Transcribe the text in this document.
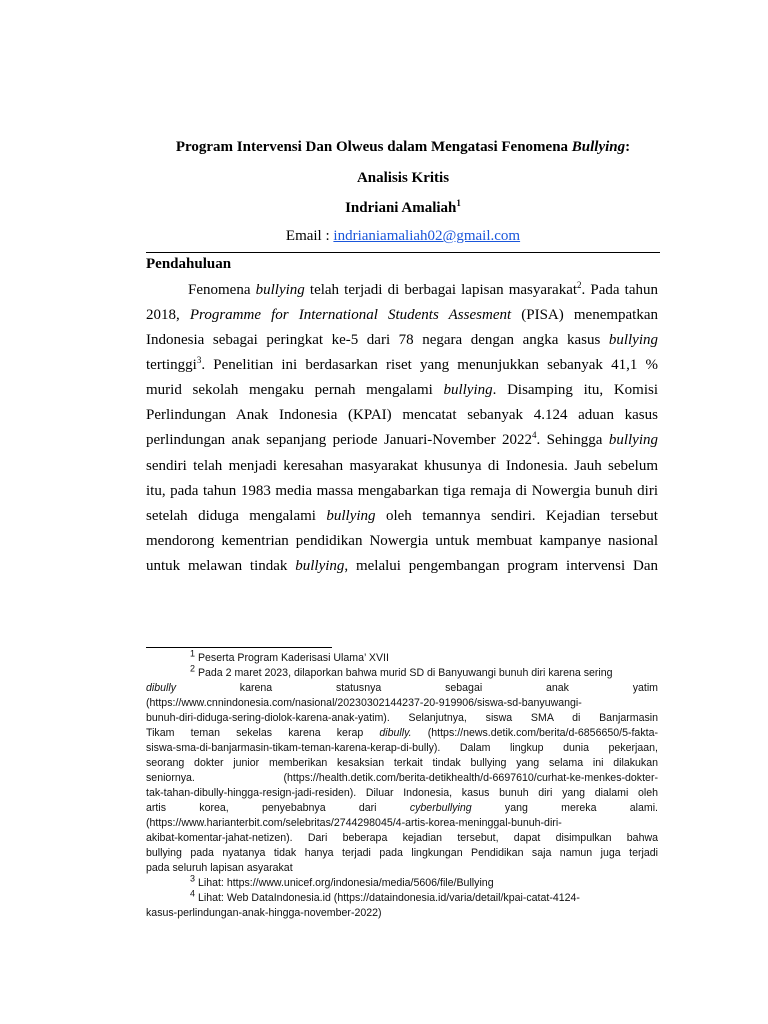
Program Intervensi Dan Olweus dalam Mengatasi Fenomena Bullying:
Analisis Kritis
Indriani Amaliah$^1$
Email : indrianiamaliah02@gmail.com
Pendahuluan
Fenomena bullying telah terjadi di berbagai lapisan masyarakat$^2$. Pada tahun
2018, Programme for International Students Assesment (PISA) menempatkan
Indonesia sebagai peringkat ke-5 dari 78 negara dengan angka kasus bullying
tertinggi$^3$. Penelitian ini berdasarkan riset yang menunjukkan sebanyak 41,1 %
murid sekolah mengaku pernah mengalami bullying. Disamping itu, Komisi
Perlindungan Anak Indonesia (KPAI) mencatat sebanyak 4.124 aduan kasus
perlindungan anak sepanjang periode Januari-November 2022$^4$. Sehingga bullying
sendiri telah menjadi keresahan masyarakat khusunya di Indonesia. Jauh sebelum
itu, pada tahun 1983 media massa mengabarkan tiga remaja di Nowergia bunuh diri
setelah diduga mengalami bullying oleh temannya sendiri. Kejadian tersebut
mendorong kementrian pendidikan Nowergia untuk membuat kampanye nasional
untuk melawan tindak bullying, melalui pengembangan program intervensi Dan
$^1$ Peserta Program Kaderisasi Ulama’ XVII
$^2$ Pada 2 maret 2023, dilaporkan bahwa murid SD di Banyuwangi bunuh diri karena sering
dibully karena statusnya sebagai anak yatim
(https://www.cnnindonesia.com/nasional/20230302144237-20-919906/siswa-sd-banyuwangi-
bunuh-diri-diduga-sering-diolok-karena-anak-yatim). Selanjutnya, siswa SMA di Banjarmasin
Tikam teman sekelas karena kerap dibully. (https://news.detik.com/berita/d-6856650/5-fakta-
siswa-sma-di-banjarmasin-tikam-teman-karena-kerap-di-bully). Dalam lingkup dunia pekerjaan,
seorang dokter junior memberikan kesaksian terkait tindak bullying yang selama ini dilakukan
seniornya. (https://health.detik.com/berita-detikhealth/d-6697610/curhat-ke-menkes-dokter-
tak-tahan-dibully-hingga-resign-jadi-residen). Diluar Indonesia, kasus bunuh diri yang dialami oleh
artis korea, penyebabnya dari cyberbullying yang mereka alami.
(https://www.harianterbit.com/selebritas/2744298045/4-artis-korea-meninggal-bunuh-diri-
akibat-komentar-jahat-netizen). Dari beberapa kejadian tersebut, dapat disimpulkan bahwa
bullying pada nyatanya tidak hanya terjadi pada lingkungan Pendidikan saja namun juga terjadi
pada seluruh lapisan asyarakat
$^3$ Lihat: https://www.unicef.org/indonesia/media/5606/file/Bullying
$^4$ Lihat: Web DataIndonesia.id (https://dataindonesia.id/varia/detail/kpai-catat-4124-
kasus-perlindungan-anak-hingga-november-2022)
